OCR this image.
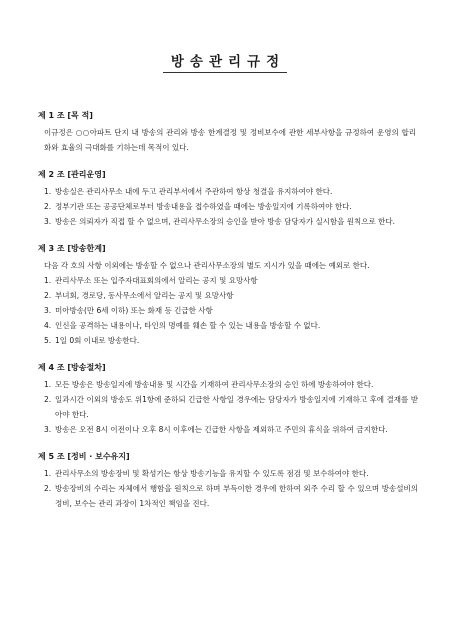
방송관리규정
제 1 조 [목 적]
이규정은 ○○아파트 단지 내 방송의 관리와 방송 한계결정 및 정비보수에 관한 세부사항을 규정하여 운영의 합리화와 효율의 극대화를 기하는데 목적이 있다.
제 2 조 [관리운영]
1. 방송실은 관리사무소 내에 두고 관리부서에서 주관하여 항상 청결을 유지하여야 한다.
2. 정부기관 또는 공공단체로부터 방송내용을 접수하였을 때에는 방송일지에 기록하여야 한다.
3. 방송은 의뢰자가 직접 할 수 없으며, 관리사무소장의 승인을 받아 방송 담당자가 실시함을 원칙으로 한다.
제 3 조 [방송한계]
다음 각 호의 사항 이외에는 방송할 수 없으나 관리사무소장의 별도 지시가 있을 때에는 예외로 한다.
1. 관리사무소 또는 입주자대표회의에서 알리는 공지 및 요망사항
2. 부녀회, 경로당, 동사무소에서 알리는 공지 및 요망사항
3. 미아방송(만 6세 이하) 또는 화재 등 긴급한 사항
4. 인신을 공격하는 내용이나, 타인의 명예를 훼손 할 수 있는 내용을 방송할 수 없다.
5. 1일 0회 이내로 방송한다.
제 4 조 [방송절차]
1. 모든 방송은 방송일지에 방송내용 및 시간을 기재하여 관리사무소장의 승인 하에 방송하여야 한다.
2. 일과시간 이외의 방송도 위1항에 준하되 긴급한 사항일 경우에는 담당자가 방송일지에 기재하고 후에 결재를 받아야 한다.
3. 방송은 오전 8시 이전이나 오후 8시 이후에는 긴급한 사항을 제외하고 주민의 휴식을 위하여 금지한다.
제 5 조 [정비 · 보수유지]
1. 관리사무소의 방송장비 및 확성기는 항상 방송기능을 유지할 수 있도록 점검 및 보수하여야 한다.
2. 방송장비의 수리는 자체에서 행함을 원칙으로 하며 부득이한 경우에 한하여 외주 수리 할 수 있으며 방송설비의 정비, 보수는 관리 과장이 1차적인 책임을 진다.
